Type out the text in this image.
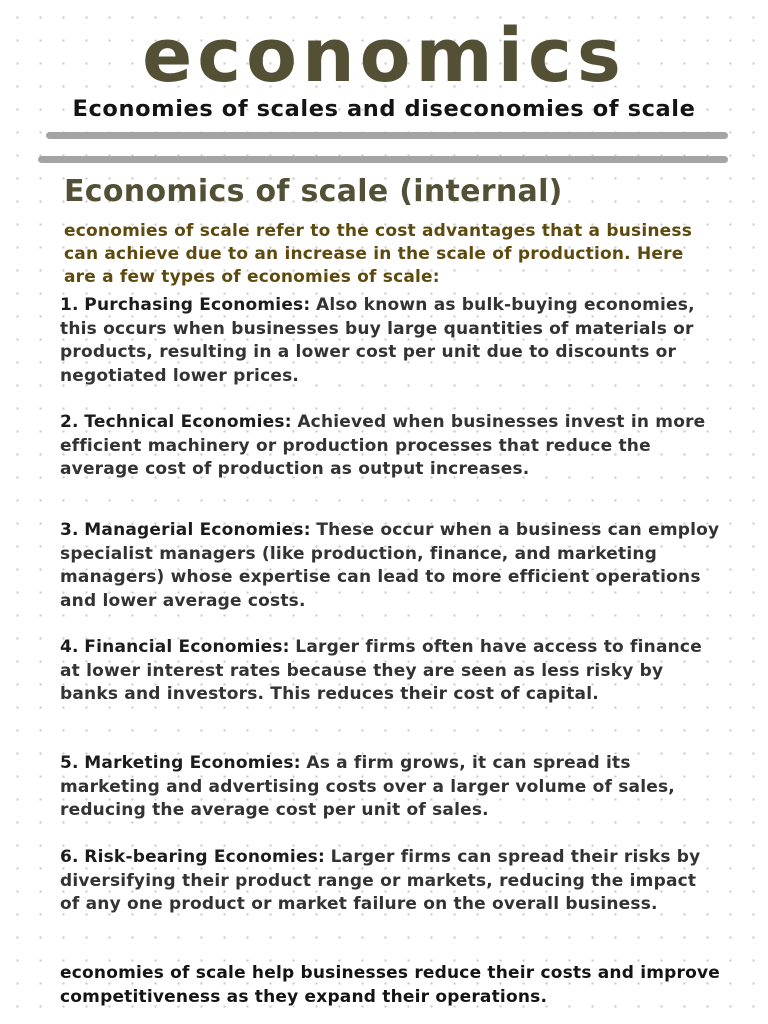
economics
Economies of scales and diseconomies of scale
Economics of scale (internal)

economies of scale refer to the cost advantages that a business can achieve due to an increase in the scale of production. Here are a few types of economies of scale:

1. Purchasing Economies: Also known as bulk-buying economies, this occurs when businesses buy large quantities of materials or products, resulting in a lower cost per unit due to discounts or negotiated lower prices.

2. Technical Economies: Achieved when businesses invest in more efficient machinery or production processes that reduce the average cost of production as output increases.

3. Managerial Economies: These occur when a business can employ specialist managers (like production, finance, and marketing managers) whose expertise can lead to more efficient operations and lower average costs.

4. Financial Economies: Larger firms often have access to finance at lower interest rates because they are seen as less risky by banks and investors. This reduces their cost of capital.

5. Marketing Economies: As a firm grows, it can spread its marketing and advertising costs over a larger volume of sales, reducing the average cost per unit of sales.

6. Risk-bearing Economies: Larger firms can spread their risks by diversifying their product range or markets, reducing the impact of any one product or market failure on the overall business.

economies of scale help businesses reduce their costs and improve competitiveness as they expand their operations.
